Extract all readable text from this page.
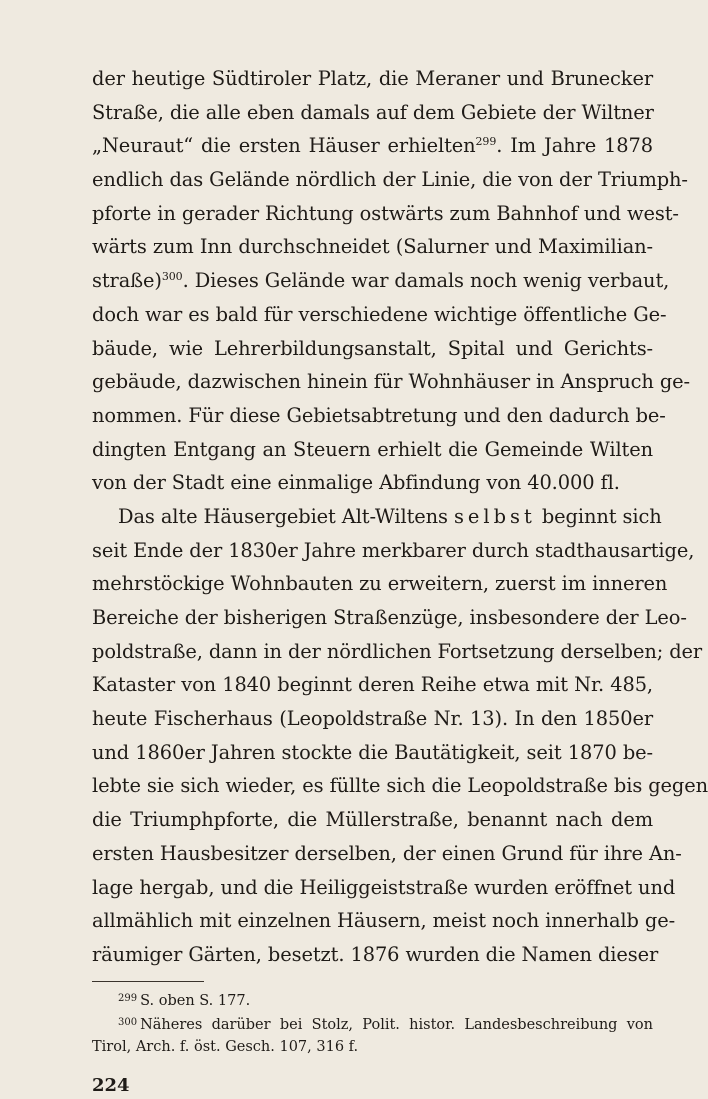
der heutige Südtiroler Platz, die Meraner und Brunecker
Straße, die alle eben damals auf dem Gebiete der Wiltner
„Neuraut“ die ersten Häuser erhielten$^{299}$. Im Jahre 1878
endlich das Gelände nördlich der Linie, die von der Triumph-
pforte in gerader Richtung ostwärts zum Bahnhof und west-
wärts zum Inn durchschneidet (Salurner und Maximilian-
straße)$^{300}$. Dieses Gelände war damals noch wenig verbaut,
doch war es bald für verschiedene wichtige öffentliche Ge-
bäude, wie Lehrerbildungsanstalt, Spital und Gerichts-
gebäude, dazwischen hinein für Wohnhäuser in Anspruch ge-
nommen. Für diese Gebietsabtretung und den dadurch be-
dingten Entgang an Steuern erhielt die Gemeinde Wilten
von der Stadt eine einmalige Abfindung von 40.000 fl.
Das alte Häusergebiet Alt-Wiltens selbst beginnt sich
seit Ende der 1830er Jahre merkbarer durch stadthausartige,
mehrstöckige Wohnbauten zu erweitern, zuerst im inneren
Bereiche der bisherigen Straßenzüge, insbesondere der Leo-
poldstraße, dann in der nördlichen Fortsetzung derselben; der
Kataster von 1840 beginnt deren Reihe etwa mit Nr. 485,
heute Fischerhaus (Leopoldstraße Nr. 13). In den 1850er
und 1860er Jahren stockte die Bautätigkeit, seit 1870 be-
lebte sie sich wieder, es füllte sich die Leopoldstraße bis gegen
die Triumphpforte, die Müllerstraße, benannt nach dem
ersten Hausbesitzer derselben, der einen Grund für ihre An-
lage hergab, und die Heiliggeiststraße wurden eröffnet und
allmählich mit einzelnen Häusern, meist noch innerhalb ge-
räumiger Gärten, besetzt. 1876 wurden die Namen dieser
$^{299}$ S. oben S. 177.
$^{300}$ Näheres darüber bei Stolz, Polit. histor. Landesbeschreibung von
Tirol, Arch. f. öst. Gesch. 107, 316 f.
224
